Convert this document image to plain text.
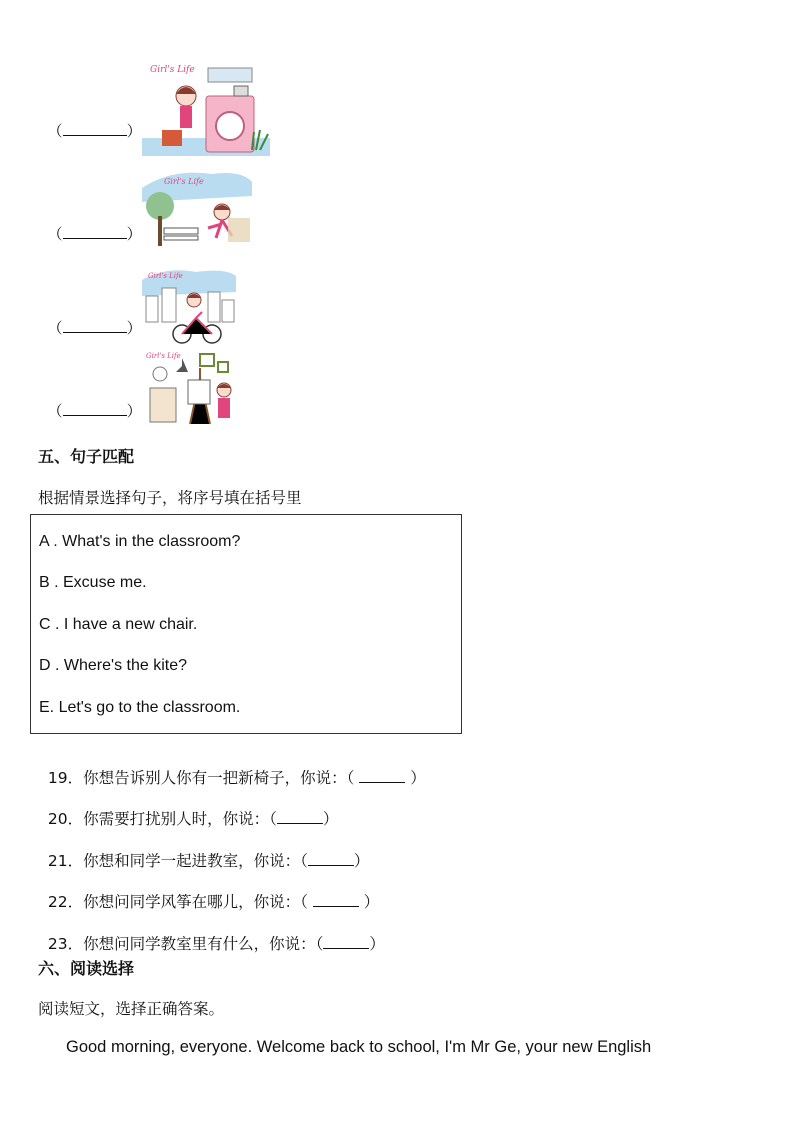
（	）

Girl's Life

（	）

Girl's Life

（	）

Girl's Life

（	）

Girl's Life
五、句子匹配
根据情景选择句子，将序号填在括号里
A . What's in the classroom?
B . Excuse me.
C . I have a new chair.
D . Where's the kite?
E. Let's go to the classroom.

19．你想告诉别人你有一把新椅子，你说：（	）

20．你需要打扰别人时，你说：（	）

21．你想和同学一起进教室，你说：（	）

22．你想问同学风筝在哪儿，你说：（	）

23．你想问同学教室里有什么，你说：（	）

六、阅读选择
阅读短文，选择正确答案。
Good morning, everyone. Welcome back to school, I'm Mr Ge, your new English
